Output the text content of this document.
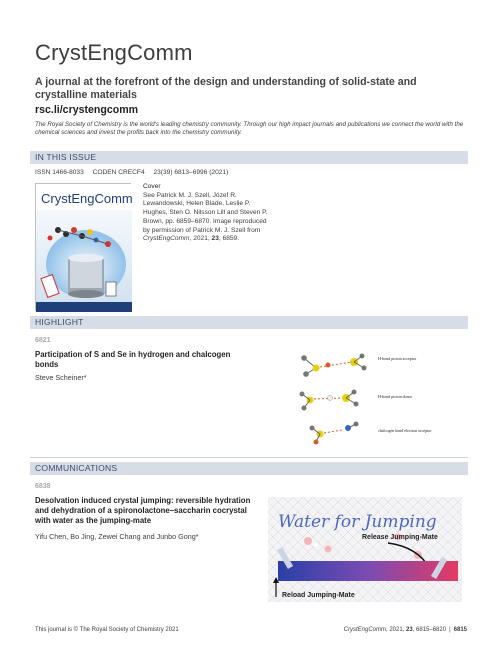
CrystEngComm
A journal at the forefront of the design and understanding of solid-state and crystalline materials
rsc.li/crystengcomm
The Royal Society of Chemistry is the world's leading chemistry community. Through our high impact journals and publications we connect the world with the chemical sciences and invest the profits back into the chemistry community.
IN THIS ISSUE
ISSN 1466-8033 CODEN CRECF4 23(39) 6813–6996 (2021)
CrystEngComm
Cover
See Patrick M. J. Szell, Józef R. Lewandowski, Helen Blade, Leslie P. Hughes, Sten O. Nilsson Lill and Steven P. Brown, pp. 6859–6870. Image reproduced by permission of Patrick M. J. Szell from CrystEngComm, 2021, 23, 6859.
HIGHLIGHT
6821
Participation of S and Se in hydrogen and chalcogen bonds
Steve Scheiner*
H-bond proton acceptor
H-bond proton donor
chalcogen bond electron acceptor
COMMUNICATIONS
6838
Desolvation induced crystal jumping: reversible hydration and dehydration of a spironolactone–saccharin cocrystal with water as the jumping-mate
Yifu Chen, Bo Jing, Zewei Chang and Junbo Gong*
Water for Jumping
Release Jumping-Mate
Reload Jumping-Mate
This journal is © The Royal Society of Chemistry 2021	CrystEngComm, 2021, 23, 6815–6820 | 6815
